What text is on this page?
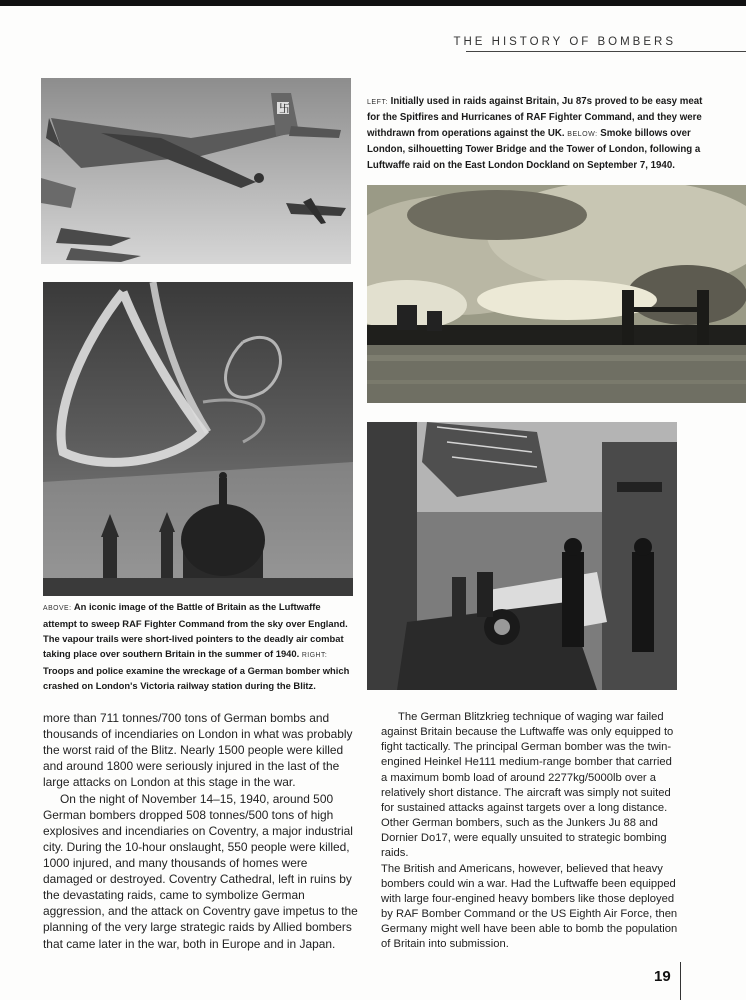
THE HISTORY OF BOMBERS
卐	LEFT: Initially used in raids against Britain, Ju 87s proved to be easy meat for the Spitfires and Hurricanes of RAF Fighter Command, and they were withdrawn from operations against the UK. BELOW: Smoke billows over London, silhouetting Tower Bridge and the Tower of London, following a Luftwaffe raid on the East London Dockland on September 7, 1940.
ABOVE: An iconic image of the Battle of Britain as the Luftwaffe attempt to sweep RAF Fighter Command from the sky over England. The vapour trails were short-lived pointers to the deadly air combat taking place over southern Britain in the summer of 1940. RIGHT: Troops and police examine the wreckage of a German bomber which crashed on London's Victoria railway station during the Blitz.

more than 711 tonnes/700 tons of German bombs and thousands of incendiaries on London in what was probably the worst raid of the Blitz. Nearly 1500 people were killed and around 1800 were seriously injured in the last of the large attacks on London at this stage in the war.

On the night of November 14–15, 1940, around 500 German bombers dropped 508 tonnes/500 tons of high explosives and incendiaries on Coventry, a major industrial city. During the 10-hour onslaught, 550 people were killed, 1000 injured, and many thousands of homes were damaged or destroyed. Coventry Cathedral, left in ruins by the devastating raids, came to symbolize German aggression, and the attack on Coventry gave impetus to the planning of the very large strategic raids by Allied bombers that came later in the war, both in Europe and in Japan.

The German Blitzkrieg technique of waging war failed against Britain because the Luftwaffe was only equipped to fight tactically. The principal German bomber was the twin-engined Heinkel He111 medium-range bomber that carried a maximum bomb load of around 2277kg/5000lb over a relatively short distance. The aircraft was simply not suited for sustained attacks against targets over a long distance. Other German bombers, such as the Junkers Ju 88 and Dornier Do17, were equally unsuited to strategic bombing raids.

The British and Americans, however, believed that heavy bombers could win a war. Had the Luftwaffe been equipped with large four-engined heavy bombers like those deployed by RAF Bomber Command or the US Eighth Air Force, then Germany might well have been able to bomb the population of Britain into submission.

19
